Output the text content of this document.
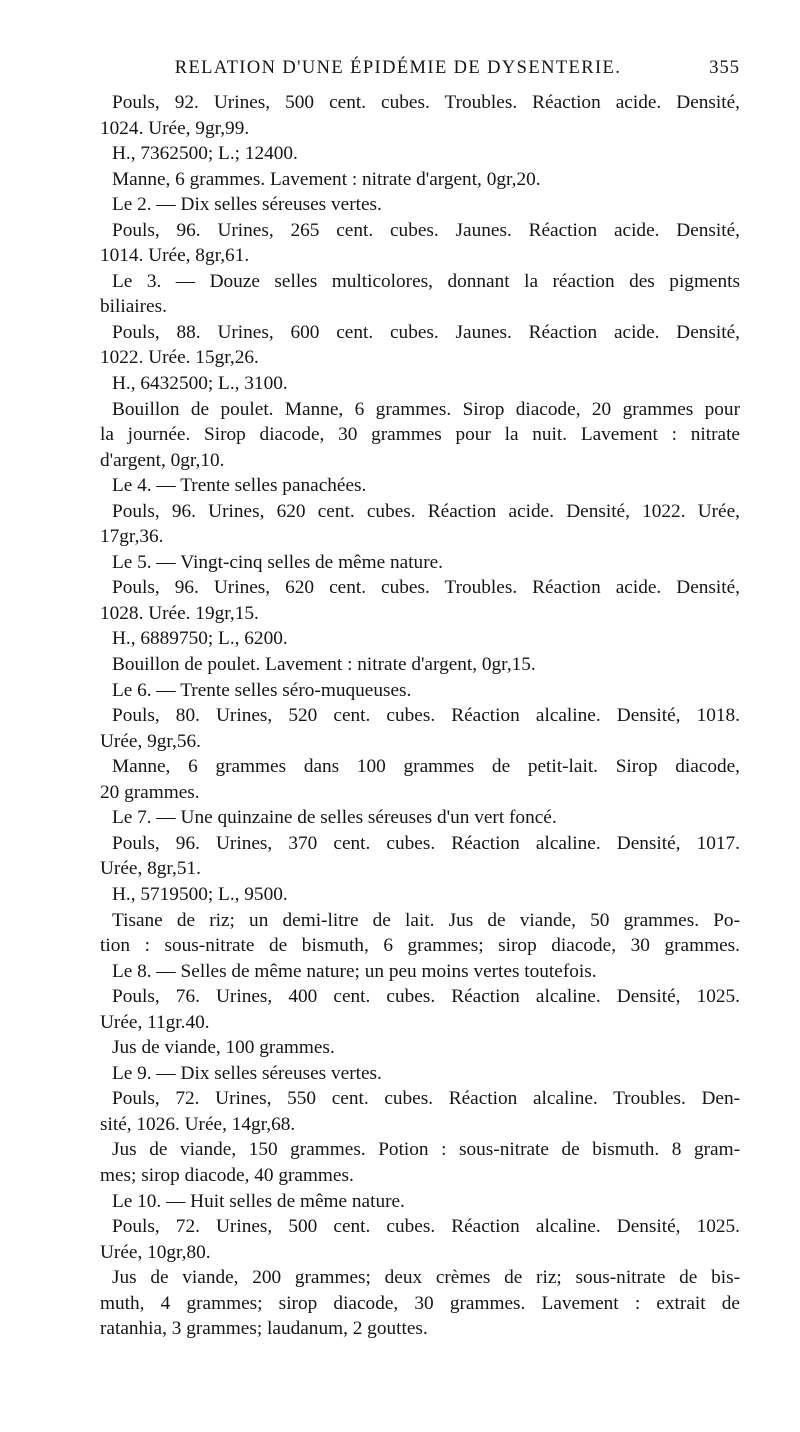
RELATION D'UNE ÉPIDÉMIE DE DYSENTERIE.	355
Pouls, 92. Urines, 500 cent. cubes. Troubles. Réaction acide. Densité,
1024. Urée, 9gr,99.
H., 7362500; L.; 12400.
Manne, 6 grammes. Lavement : nitrate d'argent, 0gr,20.
Le 2. — Dix selles séreuses vertes.
Pouls, 96. Urines, 265 cent. cubes. Jaunes. Réaction acide. Densité,
1014. Urée, 8gr,61.
Le 3. — Douze selles multicolores, donnant la réaction des pigments
biliaires.
Pouls, 88. Urines, 600 cent. cubes. Jaunes. Réaction acide. Densité,
1022. Urée. 15gr,26.
H., 6432500; L., 3100.
Bouillon de poulet. Manne, 6 grammes. Sirop diacode, 20 grammes pour
la journée. Sirop diacode, 30 grammes pour la nuit. Lavement : nitrate
d'argent, 0gr,10.
Le 4. — Trente selles panachées.
Pouls, 96. Urines, 620 cent. cubes. Réaction acide. Densité, 1022. Urée,
17gr,36.
Le 5. — Vingt-cinq selles de même nature.
Pouls, 96. Urines, 620 cent. cubes. Troubles. Réaction acide. Densité,
1028. Urée. 19gr,15.
H., 6889750; L., 6200.
Bouillon de poulet. Lavement : nitrate d'argent, 0gr,15.
Le 6. — Trente selles séro-muqueuses.
Pouls, 80. Urines, 520 cent. cubes. Réaction alcaline. Densité, 1018.
Urée, 9gr,56.
Manne, 6 grammes dans 100 grammes de petit-lait. Sirop diacode,
20 grammes.
Le 7. — Une quinzaine de selles séreuses d'un vert foncé.
Pouls, 96. Urines, 370 cent. cubes. Réaction alcaline. Densité, 1017.
Urée, 8gr,51.
H., 5719500; L., 9500.
Tisane de riz; un demi-litre de lait. Jus de viande, 50 grammes. Po-
tion : sous-nitrate de bismuth, 6 grammes; sirop diacode, 30 grammes.
Le 8. — Selles de même nature; un peu moins vertes toutefois.
Pouls, 76. Urines, 400 cent. cubes. Réaction alcaline. Densité, 1025.
Urée, 11gr.40.
Jus de viande, 100 grammes.
Le 9. — Dix selles séreuses vertes.
Pouls, 72. Urines, 550 cent. cubes. Réaction alcaline. Troubles. Den-
sité, 1026. Urée, 14gr,68.
Jus de viande, 150 grammes. Potion : sous-nitrate de bismuth. 8 gram-
mes; sirop diacode, 40 grammes.
Le 10. — Huit selles de même nature.
Pouls, 72. Urines, 500 cent. cubes. Réaction alcaline. Densité, 1025.
Urée, 10gr,80.
Jus de viande, 200 grammes; deux crèmes de riz; sous-nitrate de bis-
muth, 4 grammes; sirop diacode, 30 grammes. Lavement : extrait de
ratanhia, 3 grammes; laudanum, 2 gouttes.
